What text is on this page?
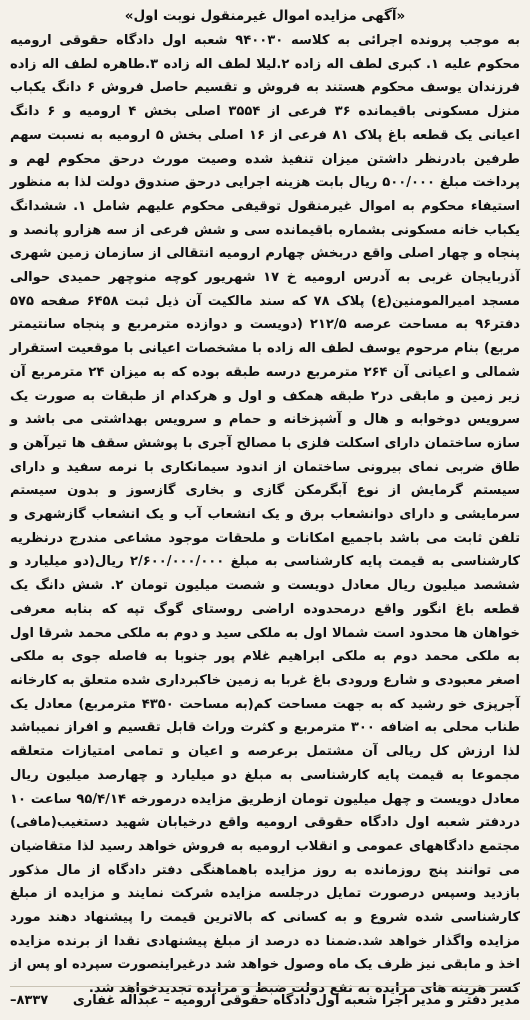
«آگهی مزایده اموال غیرمنقول نوبت اول»

به موجب پرونده اجرائی به کلاسه ۹۴۰۰۳۰ شعبه اول دادگاه حقوقی ارومیه محکوم علیه ۱. کبری لطف اله زاده ۲.لیلا لطف اله زاده ۳.طاهره لطف اله زاده فرزندان یوسف محکوم هستند به فروش و تقسیم حاصل فروش ۶ دانگ یکباب منزل مسکونی باقیمانده ۳۶ فرعی از ۳۵۵۴ اصلی بخش ۴ ارومیه و ۶ دانگ اعیانی یک قطعه باغ پلاک ۸۱ فرعی از ۱۶ اصلی بخش ۵ ارومیه به نسبت سهم طرفین بادرنظر داشتن میزان تنفیذ شده وصیت مورث درحق محکوم لهم و پرداخت مبلغ ۵۰۰/۰۰۰ ریال بابت هزینه اجرایی درحق صندوق دولت لذا به منظور استیفاء محکوم به اموال غیرمنقول توقیفی محکوم علیهم شامل ۱. ششدانگ یکباب خانه مسکونی بشماره باقیمانده سی و شش فرعی از سه هزارو پانصد و پنجاه و چهار اصلی واقع دربخش چهارم ارومیه انتقالی از سازمان زمین شهری آذربایجان غربی به آدرس ارومیه خ ۱۷ شهریور کوچه منوچهر حمیدی حوالی مسجد امیرالمومنین(ع) پلاک ۷۸ که سند مالکیت آن ذیل ثبت ۶۴۵۸ صفحه ۵۷۵ دفتر۹۶ به مساحت عرصه ۲۱۲/۵ (دویست و دوازده مترمربع و پنجاه سانتیمتر مربع) بنام مرحوم یوسف لطف اله زاده با مشخصات اعیانی با موقعیت استقرار شمالی و اعیانی آن ۲۶۴ مترمربع درسه طبقه بوده که به میزان ۲۴ مترمربع آن زیر زمین و مابقی در۲ طبقه همکف و اول و هرکدام از طبقات به صورت یک سرویس دوخوابه و هال و آشپزخانه و حمام و سرویس بهداشتی می باشد و سازه ساختمان دارای اسکلت فلزی با مصالح آجری با پوشش سقف ها تیرآهن و طاق ضربی نمای بیرونی ساختمان از اندود سیمانکاری با نرمه سفید و دارای سیستم گرمایش از نوع آبگرمکن گازی و بخاری گازسوز و بدون سیستم سرمایشی و دارای دوانشعاب برق و یک انشعاب آب و یک انشعاب گازشهری و تلفن ثابت می باشد باجمیع امکانات و ملحقات موجود مشاعی مندرج درنظریه کارشناسی به قیمت پایه کارشناسی به مبلغ ۲/۶۰۰/۰۰۰/۰۰۰ ریال(دو میلیارد و ششصد میلیون ریال معادل دویست و شصت میلیون تومان ۲. شش دانگ یک قطعه باغ انگور واقع درمحدوده اراضی روستای گوگ تپه که بنابه معرفی خواهان ها محدود است شمالا اول به ملکی سید و دوم به ملکی محمد شرقا اول به ملکی محمد دوم به ملکی ابراهیم غلام پور جنوبا به فاصله جوی به ملکی اصغر معبودی و شارع ورودی باغ غربا به زمین خاکبرداری شده متعلق به کارخانه آجرپزی خو رشید که به جهت مساحت کم(به مساحت ۴۳۵۰ مترمربع) معادل یک طناب محلی به اضافه ۳۰۰ مترمربع و کثرت وراث قابل تقسیم و افراز نمیباشد لذا ارزش کل ریالی آن مشتمل برعرصه و اعیان و تمامی امتیازات متعلقه مجموعا به قیمت پایه کارشناسی به مبلغ دو میلیارد و چهارصد میلیون ریال معادل دویست و چهل میلیون تومان ازطریق مزایده درمورخه ۹۵/۴/۱۴ ساعت ۱۰ دردفتر شعبه اول دادگاه حقوقی ارومیه واقع درخیابان شهید دستغیب(مافی) مجتمع دادگاههای عمومی و انقلاب ارومیه به فروش خواهد رسید لذا متقاضیان می توانند پنج روزمانده به روز مزایده باهماهنگی دفتر دادگاه از مال مذکور بازدید وسپس درصورت تمایل درجلسه مزایده شرکت نمایند و مزایده از مبلغ کارشناسی شده شروع و به کسانی که بالاترین قیمت را پیشنهاد دهند مورد مزایده واگذار خواهد شد.ضمنا ده درصد از مبلغ پیشنهادی نقدا از برنده مزایده اخذ و مابقی نیز ظرف یک ماه وصول خواهد شد درغیراینصورت سپرده او پس از کسر هزینه های مزایده به نفع دولت ضبط و مزایده تجدیدخواهد شد.

مدیر دفتر و مدیر اجرا شعبه اول دادگاه حقوقی ارومیه – عبداله غفاری
۸۳۳۷–
